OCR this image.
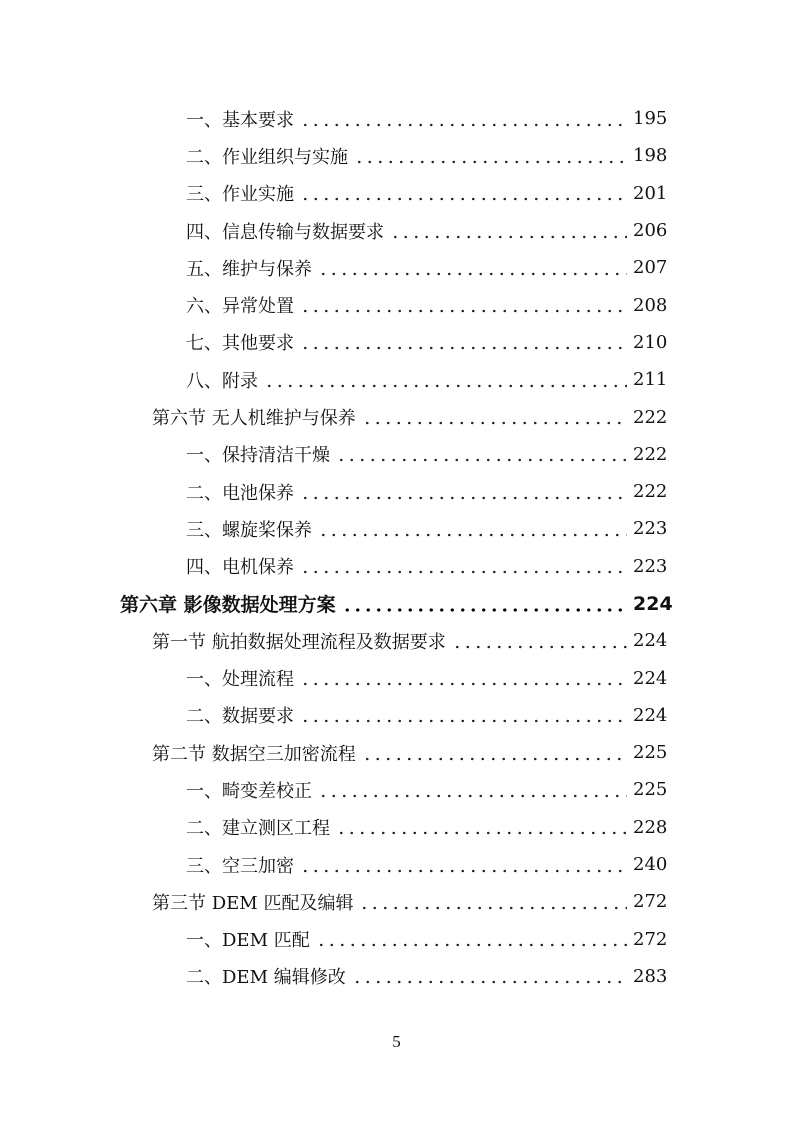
一、基本要求	195
二、作业组织与实施	198
三、作业实施	201
四、信息传输与数据要求	206
五、维护与保养	207
六、异常处置	208
七、其他要求	210
八、附录	211
第六节 无人机维护与保养	222
一、保持清洁干燥	222
二、电池保养	222
三、螺旋桨保养	223
四、电机保养	223
第六章 影像数据处理方案	224
第一节 航拍数据处理流程及数据要求	224
一、处理流程	224
二、数据要求	224
第二节 数据空三加密流程	225
一、畸变差校正	225
二、建立测区工程	228
三、空三加密	240
第三节 DEM 匹配及编辑	272
一、DEM 匹配	272
二、DEM 编辑修改	283
5
